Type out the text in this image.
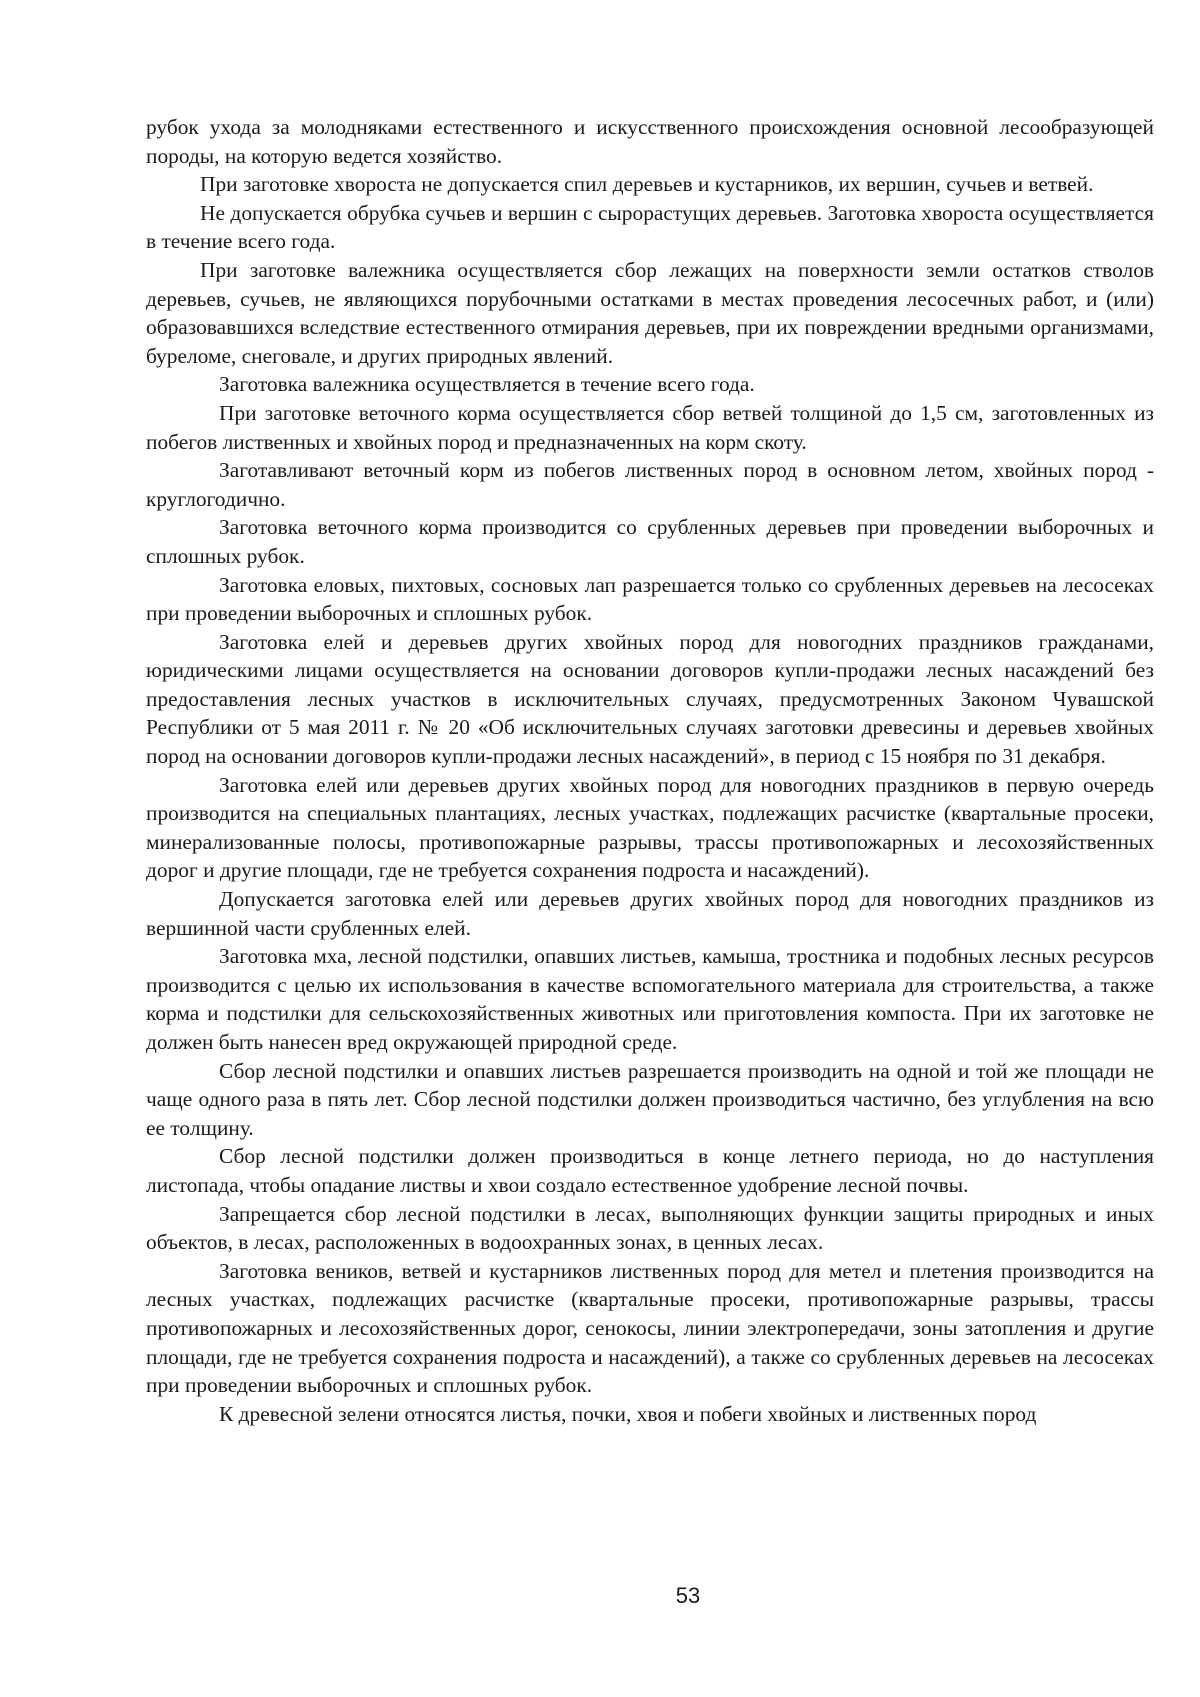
рубок ухода за молодняками естественного и искусственного происхождения основной лесообразующей породы, на которую ведется хозяйство.

При заготовке хвороста не допускается спил деревьев и кустарников, их вершин, сучьев и ветвей.

Не допускается обрубка сучьев и вершин с сырорастущих деревьев. Заготовка хвороста осуществляется в течение всего года.

При заготовке валежника осуществляется сбор лежащих на поверхности земли остатков стволов деревьев, сучьев, не являющихся порубочными остатками в местах проведения лесосечных работ, и (или) образовавшихся вследствие естественного отмирания деревьев, при их повреждении вредными организмами, буреломе, снеговале, и других природных явлений.

Заготовка валежника осуществляется в течение всего года.

При заготовке веточного корма осуществляется сбор ветвей толщиной до 1,5 см, заготовленных из побегов лиственных и хвойных пород и предназначенных на корм скоту.

Заготавливают веточный корм из побегов лиственных пород в основном летом, хвойных пород - круглогодично.

Заготовка веточного корма производится со срубленных деревьев при проведении выборочных и сплошных рубок.

Заготовка еловых, пихтовых, сосновых лап разрешается только со срубленных деревьев на лесосеках при проведении выборочных и сплошных рубок.

Заготовка елей и деревьев других хвойных пород для новогодних праздников гражданами, юридическими лицами осуществляется на основании договоров купли-продажи лесных насаждений без предоставления лесных участков в исключительных случаях, предусмотренных Законом Чувашской Республики от 5 мая 2011 г. № 20 «Об исключительных случаях заготовки древесины и деревьев хвойных пород на основании договоров купли-продажи лесных насаждений», в период с 15 ноября по 31 декабря.

Заготовка елей или деревьев других хвойных пород для новогодних праздников в первую очередь производится на специальных плантациях, лесных участках, подлежащих расчистке (квартальные просеки, минерализованные полосы, противопожарные разрывы, трассы противопожарных и лесохозяйственных дорог и другие площади, где не требуется сохранения подроста и насаждений).

Допускается заготовка елей или деревьев других хвойных пород для новогодних праздников из вершинной части срубленных елей.

Заготовка мха, лесной подстилки, опавших листьев, камыша, тростника и подобных лесных ресурсов производится с целью их использования в качестве вспомогательного материала для строительства, а также корма и подстилки для сельскохозяйственных животных или приготовления компоста. При их заготовке не должен быть нанесен вред окружающей природной среде.

Сбор лесной подстилки и опавших листьев разрешается производить на одной и той же площади не чаще одного раза в пять лет. Сбор лесной подстилки должен производиться частично, без углубления на всю ее толщину.

Сбор лесной подстилки должен производиться в конце летнего периода, но до наступления листопада, чтобы опадание листвы и хвои создало естественное удобрение лесной почвы.

Запрещается сбор лесной подстилки в лесах, выполняющих функции защиты природных и иных объектов, в лесах, расположенных в водоохранных зонах, в ценных лесах.

Заготовка веников, ветвей и кустарников лиственных пород для метел и плетения производится на лесных участках, подлежащих расчистке (квартальные просеки, противопожарные разрывы, трассы противопожарных и лесохозяйственных дорог, сенокосы, линии электропередачи, зоны затопления и другие площади, где не требуется сохранения подроста и насаждений), а также со срубленных деревьев на лесосеках при проведении выборочных и сплошных рубок.

К древесной зелени относятся листья, почки, хвоя и побеги хвойных и лиственных пород

53
